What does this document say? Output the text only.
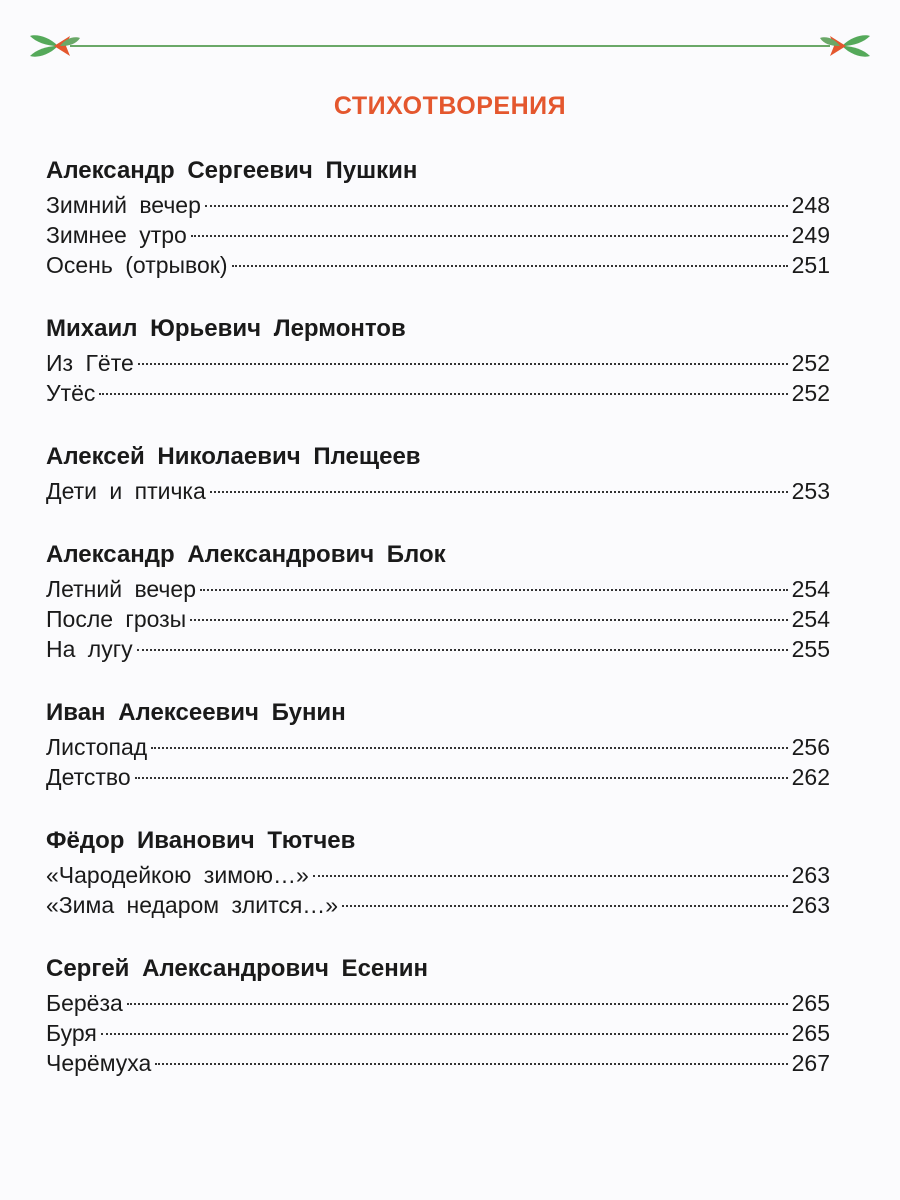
СТИХОТВОРЕНИЯ
Александр Сергеевич Пушкин
Зимний вечер	248
Зимнее утро	249
Осень (отрывок)	251
Михаил Юрьевич Лермонтов
Из Гёте	252
Утёс	252
Алексей Николаевич Плещеев
Дети и птичка	253
Александр Александрович Блок
Летний вечер	254
После грозы	254
На лугу	255
Иван Алексеевич Бунин
Листопад	256
Детство	262
Фёдор Иванович Тютчев
«Чародейкою зимою…»	263
«Зима недаром злится…»	263
Сергей Александрович Есенин
Берёза	265
Буря	265
Черёмуха	267
